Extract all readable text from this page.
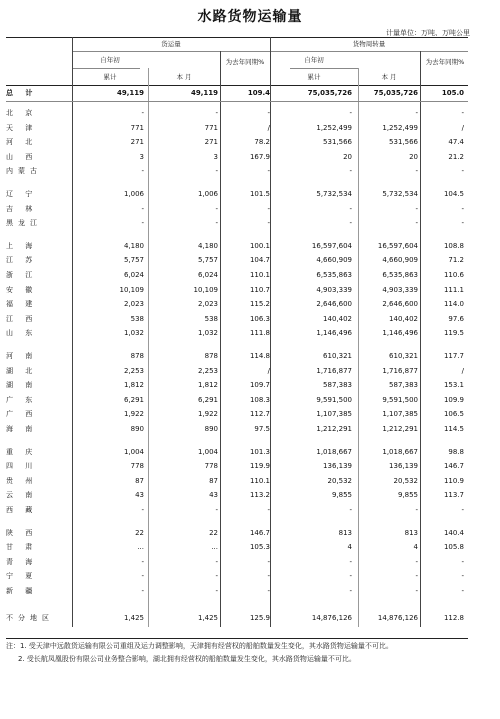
水路货物运输量
计量单位：万吨、万吨公里
货运量	货物周转量
自年初
累计	本 月
为去年同期%	自年初
累计	本 月
为去年同期%
总 计	49,119	49,119	109.4	75,035,726	75,035,726	105.0
北 京	-	-	-	-	-	-
天 津	771	771	/	1,252,499	1,252,499	/
河 北	271	271	78.2	531,566	531,566	47.4
山 西	3	3	167.9	20	20	21.2
内蒙古	-	-	-	-	-	-
辽 宁	1,006	1,006	101.5	5,732,534	5,732,534	104.5
吉 林	-	-	-	-	-	-
黑龙江	-	-	-	-	-	-
上 海	4,180	4,180	100.1	16,597,604	16,597,604	108.8
江 苏	5,757	5,757	104.7	4,660,909	4,660,909	71.2
浙 江	6,024	6,024	110.1	6,535,863	6,535,863	110.6
安 徽	10,109	10,109	110.7	4,903,339	4,903,339	111.1
福 建	2,023	2,023	115.2	2,646,600	2,646,600	114.0
江 西	538	538	106.3	140,402	140,402	97.6
山 东	1,032	1,032	111.8	1,146,496	1,146,496	119.5
河 南	878	878	114.8	610,321	610,321	117.7
湖 北	2,253	2,253	/	1,716,877	1,716,877	/
湖 南	1,812	1,812	109.7	587,383	587,383	153.1
广 东	6,291	6,291	108.3	9,591,500	9,591,500	109.9
广 西	1,922	1,922	112.7	1,107,385	1,107,385	106.5
海 南	890	890	97.5	1,212,291	1,212,291	114.5
重 庆	1,004	1,004	101.3	1,018,667	1,018,667	98.8
四 川	778	778	119.9	136,139	136,139	146.7
贵 州	87	87	110.1	20,532	20,532	110.9
云 南	43	43	113.2	9,855	9,855	113.7
西 藏	-	-	-	-	-	-
陕 西	22	22	146.7	813	813	140.4
甘 肃	...	...	105.3	4	4	105.8
青 海	-	-	-	-	-	-
宁 夏	-	-	-	-	-	-
新 疆	-	-	-	-	-	-
不分地区	1,425	1,425	125.9	14,876,126	14,876,126	112.8
注：1. 受天津中远散货运输有限公司重组及运力调整影响，天津拥有经营权的船舶数量发生变化，其水路货物运输量不可比。
2. 受长航凤凰股份有限公司业务整合影响，湖北拥有经营权的船舶数量发生变化，其水路货物运输量不可比。
